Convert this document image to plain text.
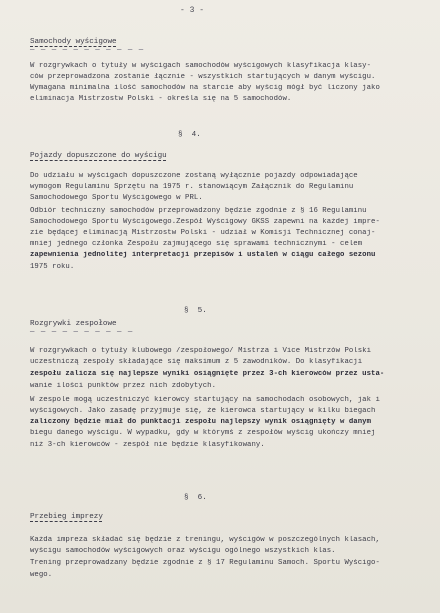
- 3 -
Samochody wyścigowe
— — — — — — — — — — —
W rozgrywkach o tytuły w wyścigach samochodów wyścigowych klasyfikacja klasy-
ców przeprowadzona zostanie łącznie - wszystkich startujących w danym wyścigu.
Wymagana minimalna ilość samochodów na starcie aby wyścig mógł być liczony jako
eliminacja Mistrzostw Polski - określa się na 5 samochodów.
§  4.
Pojazdy dopuszczone do wyścigu
Do udziału w wyścigach dopuszczone zostaną wyłącznie pojazdy odpowiadające
wymogom Regulaminu Sprzętu na 1975 r. stanowiącym Załącznik do Regulaminu
Samochodowego Sportu Wyścigowego w PRL.
Odbiór techniczny samochodów przeprowadzony będzie zgodnie z § 16 Regulaminu
Samochodowego Sportu Wyścigowego.Zespół Wyścigowy GKSS zapewni na każdej impre-
zie będącej eliminacją Mistrzostw Polski - udział w Komisji Technicznej conaj-
mniej jednego członka Zespołu zajmującego się sprawami technicznymi - celem
zapewnienia jednolitej interpretacji przepisów i ustaleń w ciągu całego sezonu
1975 roku.
§  5.
Rozgrywki zespołowe
— — — — — — — — — —
W rozgrywkach o tytuły klubowego /zespołowego/ Mistrza i Vice Mistrzów Polski
uczestniczą zespoły składające się maksimum z 5 zawodników. Do klasyfikacji
zespołu zalicza się najlepsze wyniki osiągnięte przez 3-ch kierowców przez usta-
wanie ilości punktów przez nich zdobytych.
W zespole mogą uczestniczyć kierowcy startujący na samochodach osobowych, jak i
wyścigowych. Jako zasadę przyjmuje się, że kierowca startujący w kilku biegach
zaliczony będzie miał do punktacji zespołu najlepszy wynik osiągnięty w danym
biegu danego wyścigu. W wypadku, gdy w którymś z zespołów wyścig ukończy mniej
niż 3-ch kierowców - zespół nie będzie klasyfikowany.
§  6.
Przebieg imprezy
Każda impreza składać się będzie z treningu, wyścigów w poszczególnych klasach,
wyścigu samochodów wyścigowych oraz wyścigu ogólnego wszystkich klas.
Trening przeprowadzany będzie zgodnie z § 17 Regulaminu Samoch. Sportu Wyścigo-
wego.
